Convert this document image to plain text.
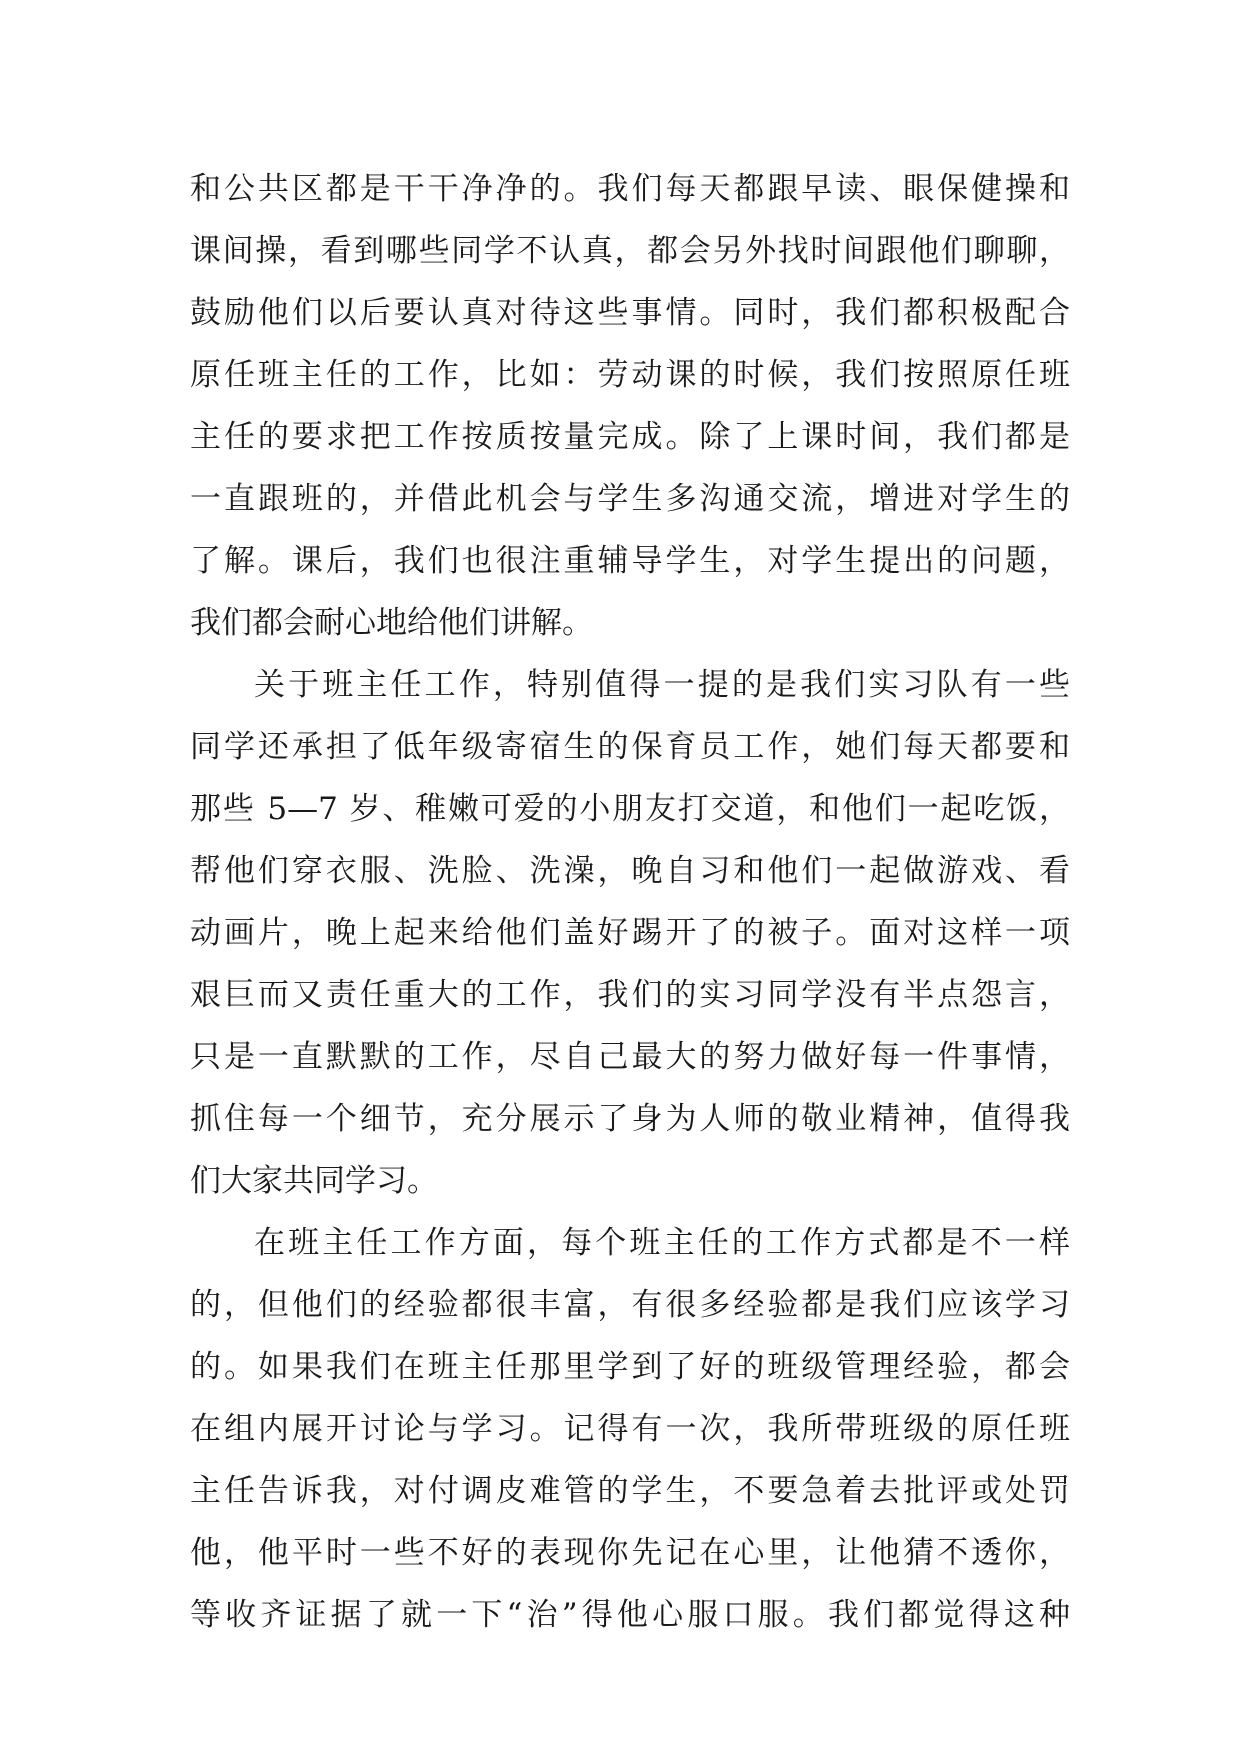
和公共区都是干干净净的。我们每天都跟早读、眼保健操和
课间操，看到哪些同学不认真，都会另外找时间跟他们聊聊，
鼓励他们以后要认真对待这些事情。同时，我们都积极配合
原任班主任的工作，比如：劳动课的时候，我们按照原任班
主任的要求把工作按质按量完成。除了上课时间，我们都是
一直跟班的，并借此机会与学生多沟通交流，增进对学生的
了解。课后，我们也很注重辅导学生，对学生提出的问题，
我们都会耐心地给他们讲解。
关于班主任工作，特别值得一提的是我们实习队有一些
同学还承担了低年级寄宿生的保育员工作，她们每天都要和
那些 5—7 岁、稚嫩可爱的小朋友打交道，和他们一起吃饭，
帮他们穿衣服、洗脸、洗澡，晚自习和他们一起做游戏、看
动画片，晚上起来给他们盖好踢开了的被子。面对这样一项
艰巨而又责任重大的工作，我们的实习同学没有半点怨言，
只是一直默默的工作，尽自己最大的努力做好每一件事情，
抓住每一个细节，充分展示了身为人师的敬业精神，值得我
们大家共同学习。
在班主任工作方面，每个班主任的工作方式都是不一样
的，但他们的经验都很丰富，有很多经验都是我们应该学习
的。如果我们在班主任那里学到了好的班级管理经验，都会
在组内展开讨论与学习。记得有一次，我所带班级的原任班
主任告诉我，对付调皮难管的学生，不要急着去批评或处罚
他，他平时一些不好的表现你先记在心里，让他猜不透你，
等收齐证据了就一下“治”得他心服口服。我们都觉得这种
